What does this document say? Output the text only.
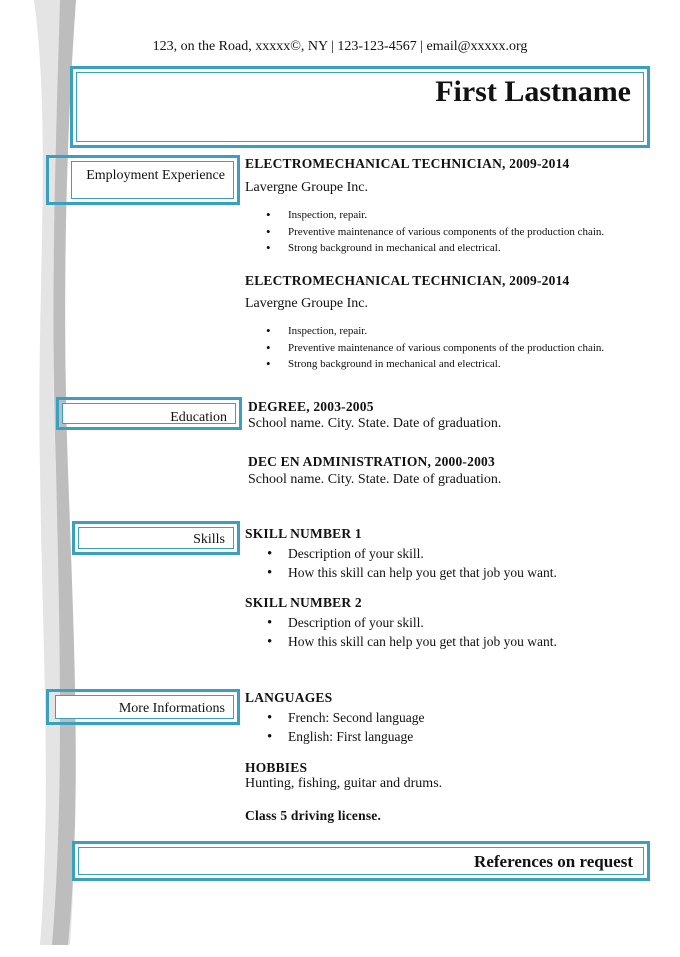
123, on the Road, xxxxx©, NY | 123-123-4567 | email@xxxxx.org
First Lastname
Employment Experience
ELECTROMECHANICAL TECHNICIAN, 2009-2014
Lavergne Groupe Inc.
• Inspection, repair.
• Preventive maintenance of various components of the production chain.
• Strong background in mechanical and electrical.
ELECTROMECHANICAL TECHNICIAN, 2009-2014
Lavergne Groupe Inc.
• Inspection, repair.
• Preventive maintenance of various components of the production chain.
• Strong background in mechanical and electrical.
Education
DEGREE, 2003-2005
School name. City. State. Date of graduation.
DEC EN ADMINISTRATION, 2000-2003
School name. City. State. Date of graduation.
Skills SKILL NUMBER 1
• Description of your skill.
• How this skill can help you get that job you want.
SKILL NUMBER 2
• Description of your skill.
• How this skill can help you get that job you want.
More Informations
LANGUAGES
• French: Second language
• English: First language
HOBBIES
Hunting, fishing, guitar and drums.
Class 5 driving license.
References on request
